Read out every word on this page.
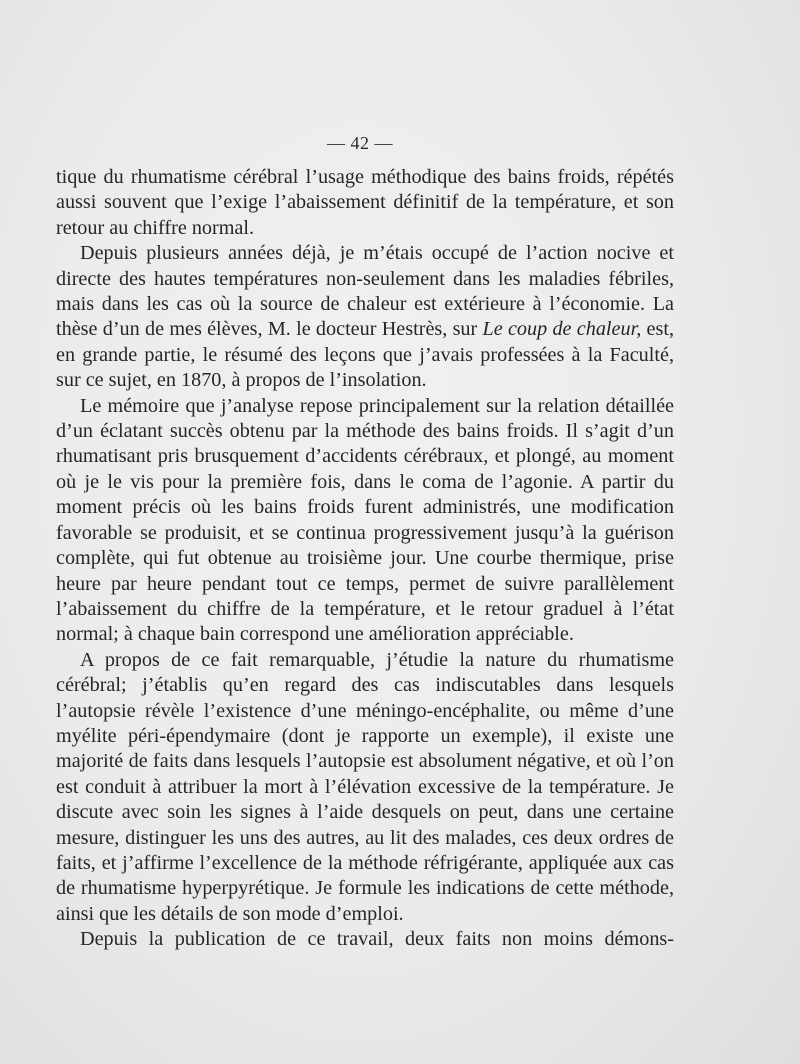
— 42 —

tique du rhumatisme cérébral l’usage méthodique des bains froids, répétés aussi souvent que l’exige l’abaissement définitif de la température, et son retour au chiffre normal.

Depuis plusieurs années déjà, je m’étais occupé de l’action nocive et directe des hautes températures non-seulement dans les maladies fébriles, mais dans les cas où la source de chaleur est extérieure à l’économie. La thèse d’un de mes élèves, M. le docteur Hestrès, sur Le coup de chaleur, est, en grande partie, le résumé des leçons que j’avais professées à la Faculté, sur ce sujet, en 1870, à propos de l’insolation.

Le mémoire que j’analyse repose principalement sur la relation détaillée d’un éclatant succès obtenu par la méthode des bains froids. Il s’agit d’un rhumatisant pris brusquement d’accidents cérébraux, et plongé, au moment où je le vis pour la première fois, dans le coma de l’agonie. A partir du moment précis où les bains froids furent administrés, une modification favorable se produisit, et se continua progressivement jusqu’à la guérison complète, qui fut obtenue au troisième jour. Une courbe thermique, prise heure par heure pendant tout ce temps, permet de suivre parallèlement l’abaissement du chiffre de la température, et le retour graduel à l’état normal; à chaque bain correspond une amélioration appréciable.

A propos de ce fait remarquable, j’étudie la nature du rhumatisme cérébral; j’établis qu’en regard des cas indiscutables dans lesquels l’autopsie révèle l’existence d’une méningo-encéphalite, ou même d’une myélite péri-épendymaire (dont je rapporte un exemple), il existe une majorité de faits dans lesquels l’autopsie est absolument négative, et où l’on est conduit à attribuer la mort à l’élévation excessive de la température. Je discute avec soin les signes à l’aide desquels on peut, dans une certaine mesure, distinguer les uns des autres, au lit des malades, ces deux ordres de faits, et j’affirme l’excellence de la méthode réfrigérante, appliquée aux cas de rhumatisme hyperpyrétique. Je formule les indications de cette méthode, ainsi que les détails de son mode d’emploi.

Depuis la publication de ce travail, deux faits non moins démons-
